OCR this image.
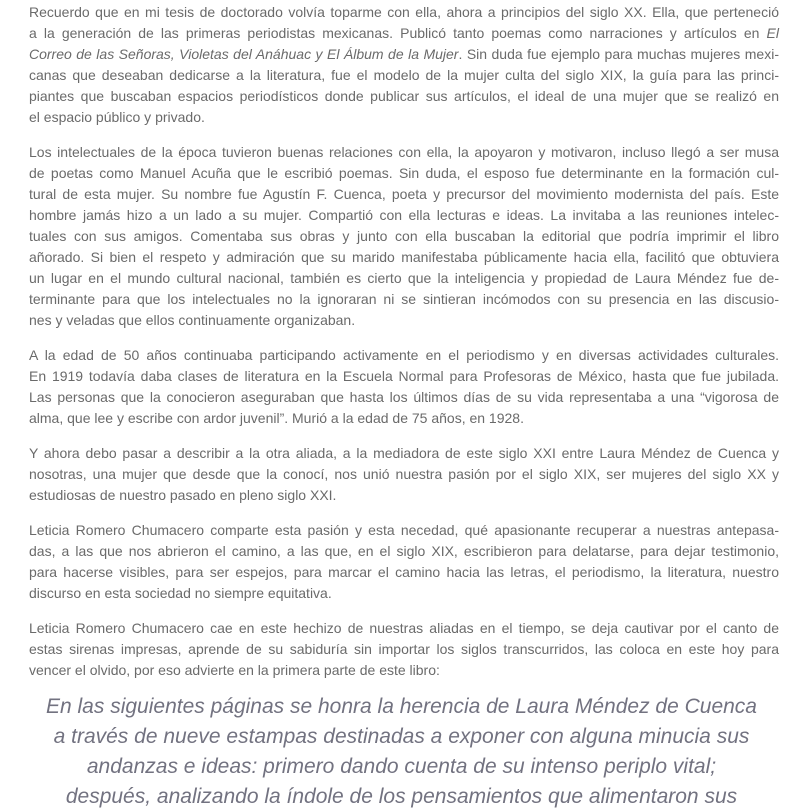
Recuerdo que en mi tesis de doctorado volvía toparme con ella, ahora a principios del siglo XX. Ella, que perteneció
a la generación de las primeras periodistas mexicanas. Publicó tanto poemas como narraciones y artículos en El
Correo de las Señoras, Violetas del Anáhuac y El Álbum de la Mujer. Sin duda fue ejemplo para muchas mujeres mexi-
canas que deseaban dedicarse a la literatura, fue el modelo de la mujer culta del siglo XIX, la guía para las princi-
piantes que buscaban espacios periodísticos donde publicar sus artículos, el ideal de una mujer que se realizó en
el espacio público y privado.
Los intelectuales de la época tuvieron buenas relaciones con ella, la apoyaron y motivaron, incluso llegó a ser musa
de poetas como Manuel Acuña que le escribió poemas. Sin duda, el esposo fue determinante en la formación cul-
tural de esta mujer. Su nombre fue Agustín F. Cuenca, poeta y precursor del movimiento modernista del país. Este
hombre jamás hizo a un lado a su mujer. Compartió con ella lecturas e ideas. La invitaba a las reuniones intelec-
tuales con sus amigos. Comentaba sus obras y junto con ella buscaban la editorial que podría imprimir el libro
añorado. Si bien el respeto y admiración que su marido manifestaba públicamente hacia ella, facilitó que obtuviera
un lugar en el mundo cultural nacional, también es cierto que la inteligencia y propiedad de Laura Méndez fue de-
terminante para que los intelectuales no la ignoraran ni se sintieran incómodos con su presencia en las discusio-
nes y veladas que ellos continuamente organizaban.
A la edad de 50 años continuaba participando activamente en el periodismo y en diversas actividades culturales.
En 1919 todavía daba clases de literatura en la Escuela Normal para Profesoras de México, hasta que fue jubilada.
Las personas que la conocieron aseguraban que hasta los últimos días de su vida representaba a una “vigorosa de
alma, que lee y escribe con ardor juvenil”. Murió a la edad de 75 años, en 1928.
Y ahora debo pasar a describir a la otra aliada, a la mediadora de este siglo XXI entre Laura Méndez de Cuenca y
nosotras, una mujer que desde que la conocí, nos unió nuestra pasión por el siglo XIX, ser mujeres del siglo XX y
estudiosas de nuestro pasado en pleno siglo XXI.
Leticia Romero Chumacero comparte esta pasión y esta necedad, qué apasionante recuperar a nuestras antepasa-
das, a las que nos abrieron el camino, a las que, en el siglo XIX, escribieron para delatarse, para dejar testimonio,
para hacerse visibles, para ser espejos, para marcar el camino hacia las letras, el periodismo, la literatura, nuestro
discurso en esta sociedad no siempre equitativa.
Leticia Romero Chumacero cae en este hechizo de nuestras aliadas en el tiempo, se deja cautivar por el canto de
estas sirenas impresas, aprende de su sabiduría sin importar los siglos transcurridos, las coloca en este hoy para
vencer el olvido, por eso advierte en la primera parte de este libro:
En las siguientes páginas se honra la herencia de Laura Méndez de Cuenca
a través de nueve estampas destinadas a exponer con alguna minucia sus
andanzas e ideas: primero dando cuenta de su intenso periplo vital;
después, analizando la índole de los pensamientos que alimentaron sus
